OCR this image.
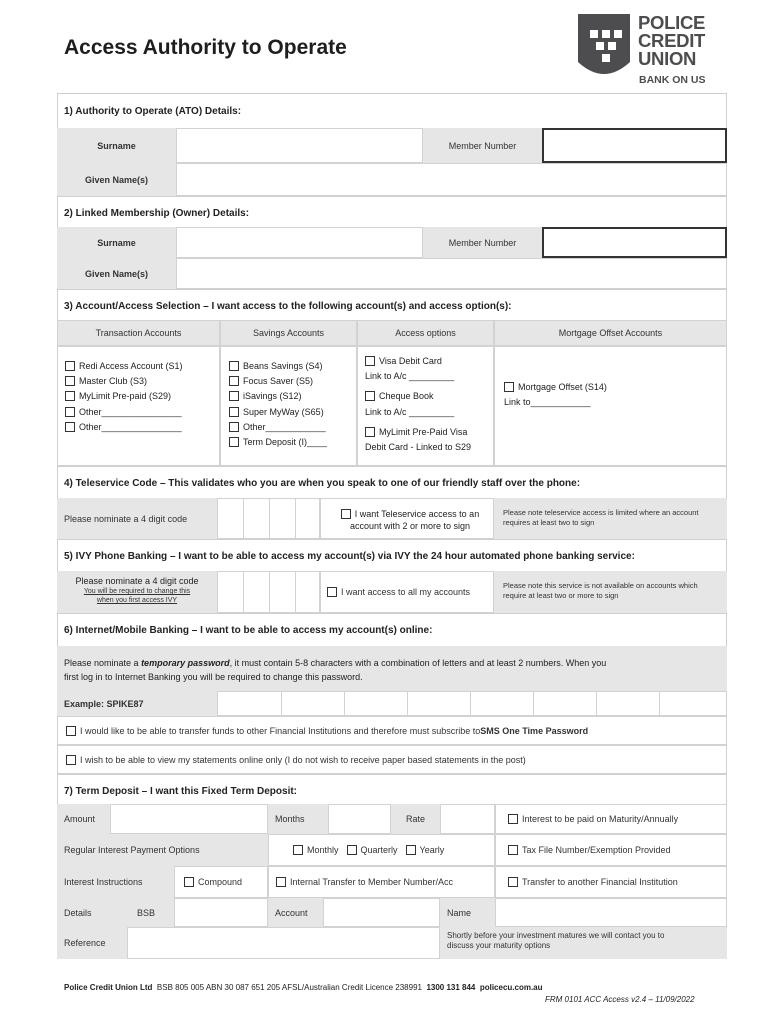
Access Authority to Operate
POLICE
CREDIT
UNION
BANK ON US
1) Authority to Operate (ATO) Details:
Surname	Member Number
Given Name(s)
2) Linked Membership (Owner) Details:
Surname	Member Number
Given Name(s)
3) Account/Access Selection – I want access to the following account(s) and access option(s):
Transaction Accounts	Savings Accounts	Access options	Mortgage Offset Accounts
Redi Access Account (S1)
Master Club (S3)
MyLimit Pre-paid (S29)
Other________________
Other________________
Beans Savings (S4)
Focus Saver (S5)
iSavings (S12)
Super MyWay (S65)
Other____________
Term Deposit (I)____
Visa Debit Card
Link to A/c _________
Cheque Book
Link to A/c _________
MyLimit Pre-Paid Visa
Debit Card - Linked to S29
Mortgage Offset (S14)
Link to____________
4) Teleservice Code – This validates who you are when you speak to one of our friendly staff over the phone:
Please nominate a 4 digit code	I want Teleservice access to an
account with 2 or more to sign
Please note teleservice access is limited where an account
requires at least two to sign
5) IVY Phone Banking – I want to be able to access my account(s) via IVY the 24 hour automated phone banking service:
Please nominate a 4 digit code
You will be required to change this
when you first access IVY
I want access to all my accounts
Please note this service is not available on accounts which
require at least two or more to sign
6) Internet/Mobile Banking – I want to be able to access my account(s) online:
Please nominate a temporary password, it must contain 5-8 characters with a combination of letters and at least 2 numbers. When you
first log in to Internet Banking you will be required to change this password.
Example: SPIKE87
I would like to be able to transfer funds to other Financial Institutions and therefore must subscribe to SMS One Time Password
I wish to be able to view my statements online only (I do not wish to receive paper based statements in the post)
7) Term Deposit – I want this Fixed Term Deposit:
Amount	Months	Rate	Interest to be paid on Maturity/Annually
Regular Interest Payment Options	Monthly Quarterly Yearly	Tax File Number/Exemption Provided
Interest Instructions	Compound	Internal Transfer to Member Number/Acc	Transfer to another Financial Institution
Details	BSB	Account	Name
Reference
Shortly before your investment matures we will contact you to
discuss your maturity options
Police Credit Union Ltd BSB 805 005 ABN 30 087 651 205 AFSL/Australian Credit Licence 238991 1300 131 844 policecu.com.au
FRM 0101 ACC Access v2.4 – 11/09/2022
